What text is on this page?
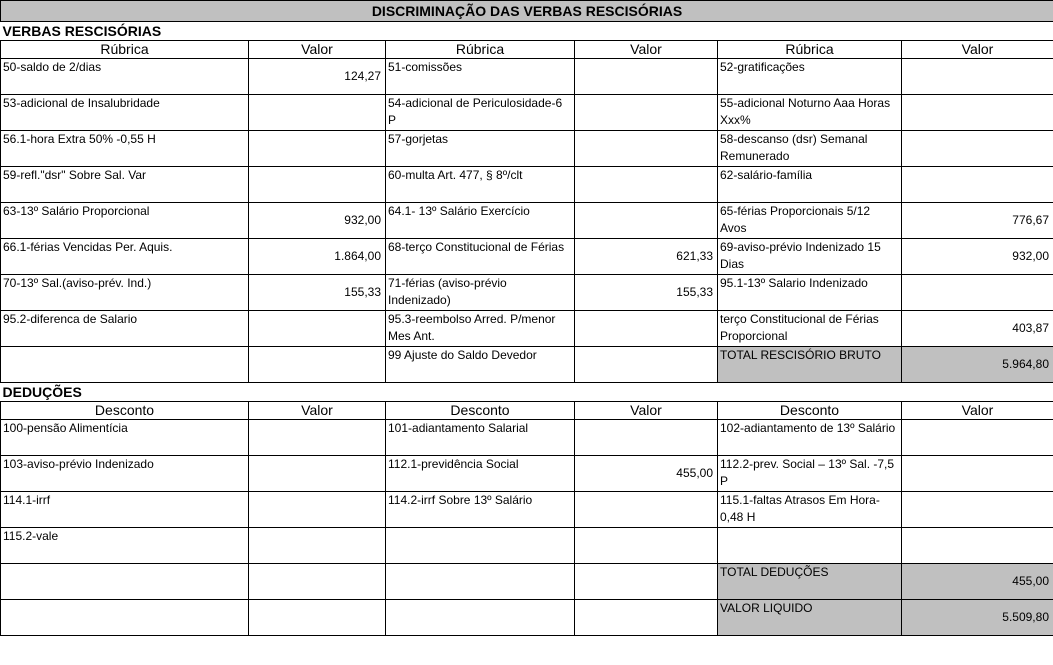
DISCRIMINAÇÃO DAS VERBAS RESCISÓRIAS					
VERBAS RESCISÓRIAS					
Rúbrica	Valor	Rúbrica	Valor	Rúbrica	Valor
50-saldo de 2/dias	124,27	51-comissões		52-gratificações	
53-adicional de Insalubridade		54-adicional de Periculosidade-6 P		55-adicional Noturno Aaa Horas Xxx%	
56.1-hora Extra 50% -0,55 H		57-gorjetas		58-descanso (dsr) Semanal Remunerado	
59-refl."dsr" Sobre Sal. Var		60-multa Art. 477, § 8º/clt		62-salário-família	
63-13º Salário Proporcional	932,00	64.1- 13º Salário Exercício		65-férias Proporcionais 5/12 Avos	776,67
66.1-férias Vencidas Per. Aquis.	1.864,00	68-terço Constitucional de Férias	621,33	69-aviso-prévio Indenizado 15 Dias	932,00
70-13º Sal.(aviso-prév. Ind.)	155,33	71-férias (aviso-prévio Indenizado)	155,33	95.1-13º Salario Indenizado	
95.2-diferenca de Salario		95.3-reembolso Arred. P/menor Mes Ant.		terço Constitucional de Férias Proporcional	403,87
		99 Ajuste do Saldo Devedor		TOTAL RESCISÓRIO BRUTO	5.964,80
DEDUÇÕES					
Desconto	Valor	Desconto	Valor	Desconto	Valor
100-pensão Alimentícia		101-adiantamento Salarial		102-adiantamento de 13º Salário	
103-aviso-prévio Indenizado		112.1-previdência Social	455,00	112.2-prev. Social – 13º Sal. -7,5 P	
114.1-irrf		114.2-irrf Sobre 13º Salário		115.1-faltas Atrasos Em Hora-0,48 H	
115.2-vale					
				TOTAL DEDUÇÕES	455,00
				VALOR LIQUIDO	5.509,80
